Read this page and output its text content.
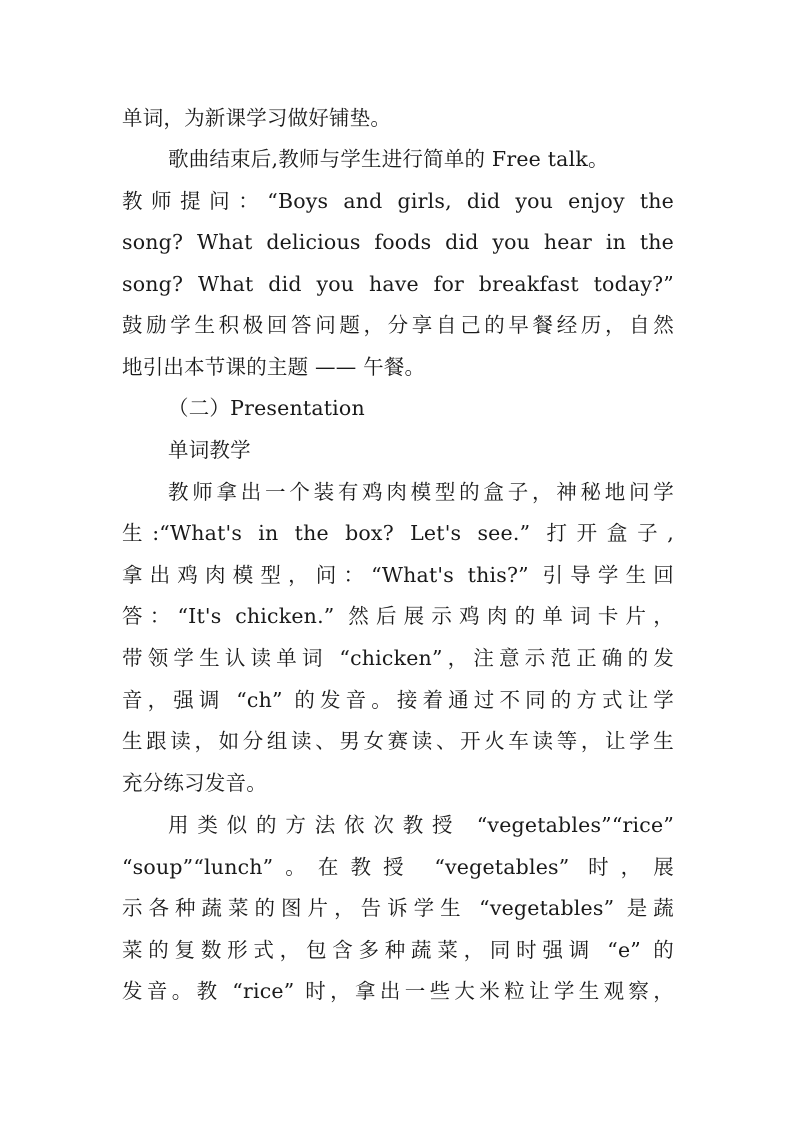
单词，为新课学习做好铺垫。
歌曲结束后,教师与学生进行简单的 Free talk。
教师提问：“Boys and girls, did you enjoy the
song? What delicious foods did you hear in the
song? What did you have for breakfast today?”
鼓励学生积极回答问题，分享自己的早餐经历，自然
地引出本节课的主题 —— 午餐。
（二）Presentation
单词教学
教师拿出一个装有鸡肉模型的盒子，神秘地问学
生:“What's in the box? Let's see.” 打开盒子,
拿出鸡肉模型，问：“What's this?” 引导学生回
答：“It's chicken.” 然后展示鸡肉的单词卡片，
带领学生认读单词 “chicken”，注意示范正确的发
音，强调 “ch” 的发音。接着通过不同的方式让学
生跟读，如分组读、男女赛读、开火车读等，让学生
充分练习发音。
用类似的方法依次教授 “vegetables”“rice”
“soup”“lunch”。在教授 “vegetables” 时，展
示各种蔬菜的图片，告诉学生 “vegetables” 是蔬
菜的复数形式，包含多种蔬菜，同时强调 “e” 的
发音。教 “rice” 时，拿出一些大米粒让学生观察，
